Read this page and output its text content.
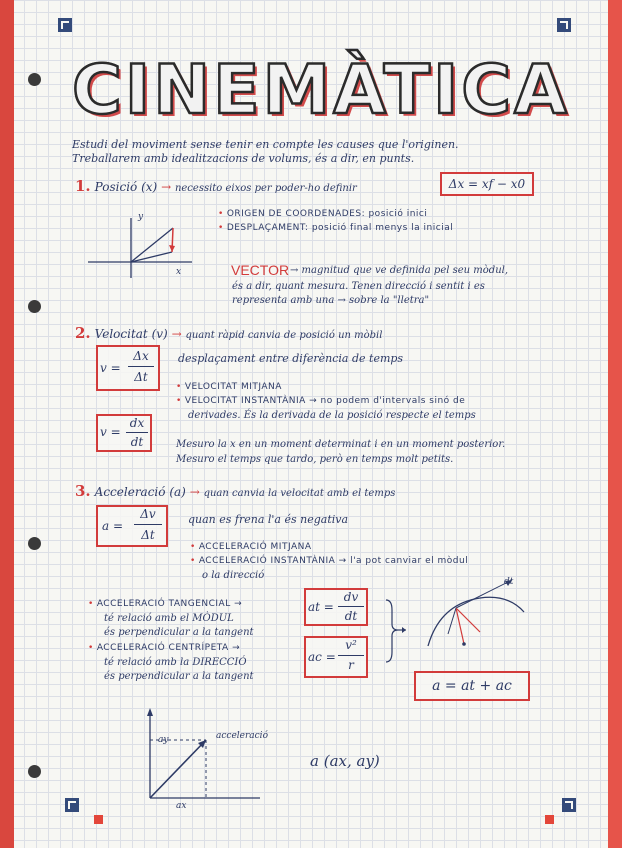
CINEMÀTICA
Estudi del moviment sense tenir en compte les causes que l'originen.
Treballarem amb idealitzacions de volums, és a dir, en punts.
1. Posició (x) → necessito eixos per poder-ho definir	Δx = xf − x0
y
x
• ORIGEN DE COORDENADES: posició inici
• DESPLAÇAMENT: posició final menys la inicial
VECTOR → magnitud que ve definida pel seu mòdul,
és a dir, quant mesura. Tenen direcció i sentit i es
representa amb una → sobre la "lletra"
2. Velocitat (v) → quant ràpid canvia de posició un mòbil
v =
Δx
Δt
desplaçament entre diferència de temps
• VELOCITAT MITJANA
• VELOCITAT INSTANTÀNIA → no podem d'intervals sinó de
derivades. És la derivada de la posició respecte el temps
v =
dx
dt	Mesuro la x en un moment determinat i en un moment posterior.
Mesuro el temps que tardo, però en temps molt petits.
3. Acceleració (a) → quan canvia la velocitat amb el temps
a =
Δv
Δt
quan es frena l'a és negativa
• ACCELERACIÓ MITJANA
• ACCELERACIÓ INSTANTÀNIA → l'a pot canviar el mòdul
o la direcció
• ACCELERACIÓ TANGENCIAL →
té relació amb el MÒDUL
és perpendicular a la tangent
• ACCELERACIÓ CENTRÍPETA →
té relació amb la DIRECCIÓ
és perpendicular a la tangent
at =
dv
dt
ac =
v²
r
dt
a = at + ac
ay	acceleració
ax
a (ax, ay)
